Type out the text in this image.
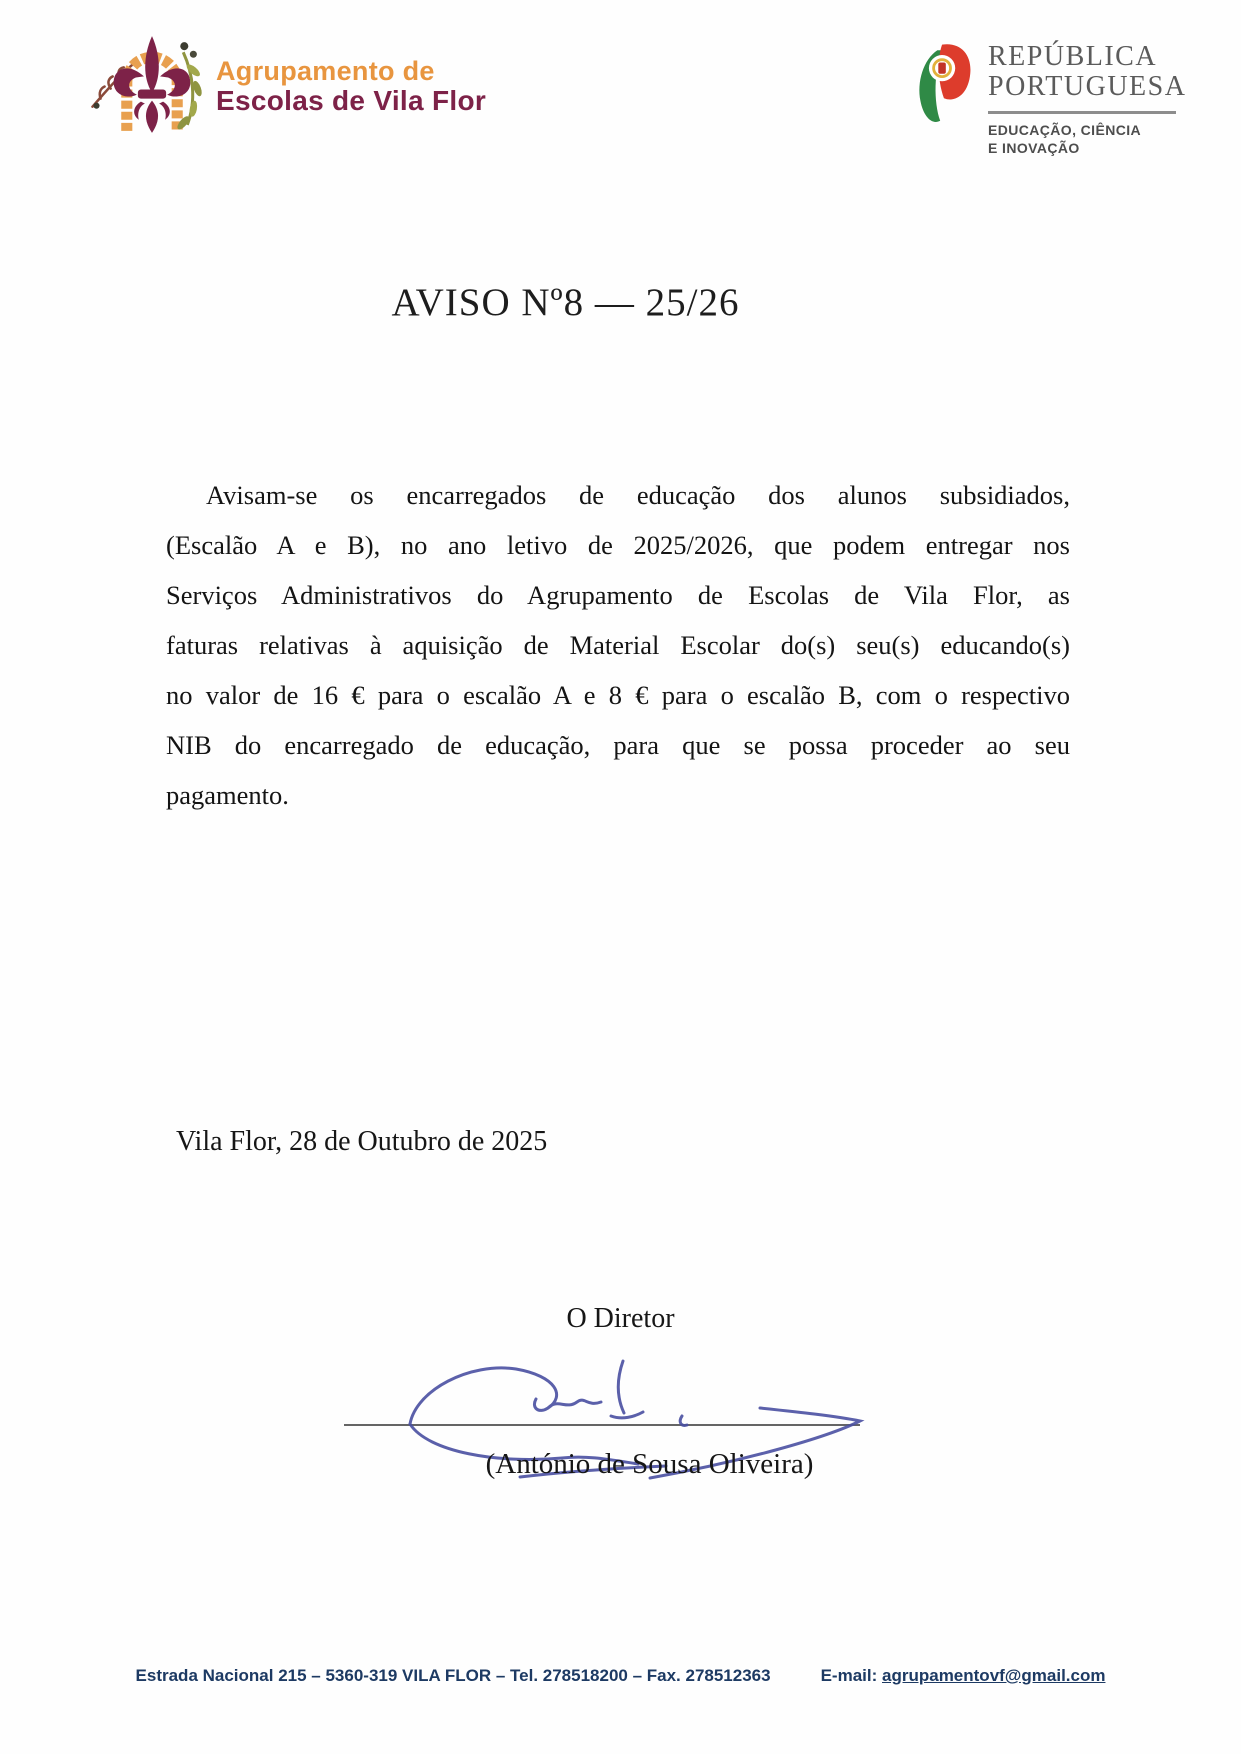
Agrupamento de
Escolas de Vila Flor
REPÚBLICA
PORTUGUESA
EDUCAÇÃO, CIÊNCIA
E INOVAÇÃO
AVISO Nº8 — 25/26
Avisam-se os encarregados de educação dos alunos subsidiados,
(Escalão A e B), no ano letivo de 2025/2026, que podem entregar nos
Serviços Administrativos do Agrupamento de Escolas de Vila Flor, as
faturas relativas à aquisição de Material Escolar do(s) seu(s) educando(s)
no valor de 16 € para o escalão A e 8 € para o escalão B, com o respectivo
NIB do encarregado de educação, para que se possa proceder ao seu
pagamento.
Vila Flor, 28 de Outubro de 2025
O Diretor
(António de Sousa Oliveira)
Estrada Nacional 215 – 5360-319 VILA FLOR – Tel. 278518200 – Fax. 278512363	E-mail: agrupamentovf@gmail.com
